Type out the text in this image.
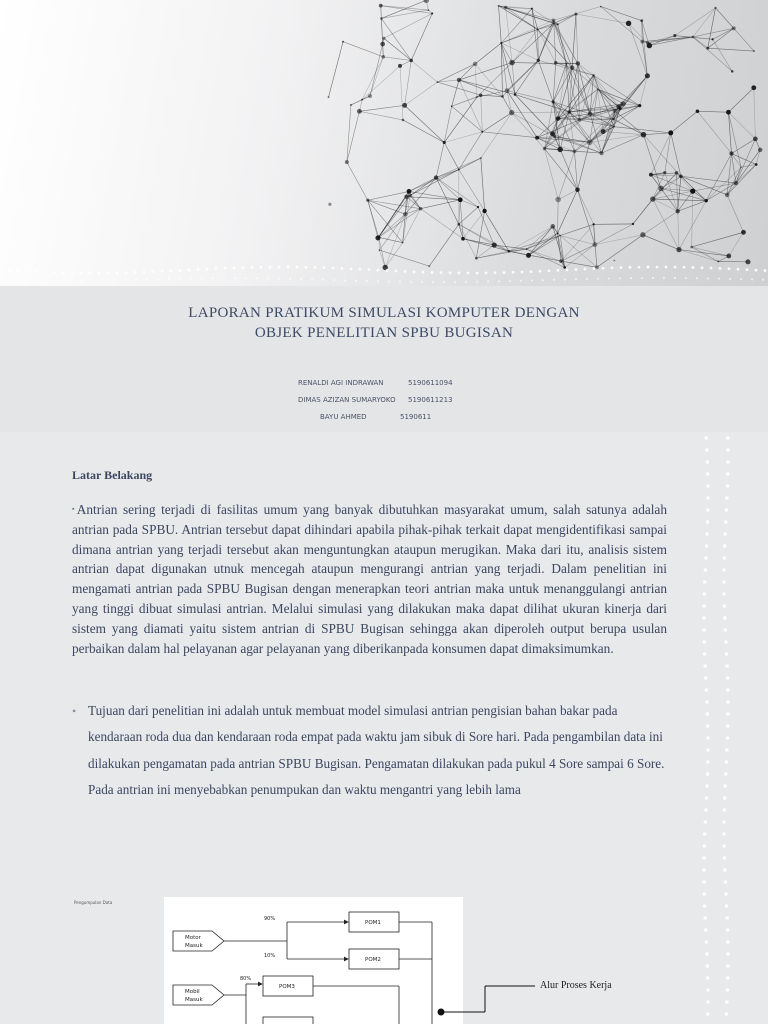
LAPORAN PRATIKUM SIMULASI KOMPUTER DENGAN
OBJEK PENELITIAN SPBU BUGISAN
RENALDI AGI INDRAWAN	5190611094
DIMAS AZIZAN SUMARYOKO 5190611213
BAYU AHMED	5190611
Latar Belakang
▪Antrian sering terjadi di fasilitas umum yang banyak dibutuhkan masyarakat umum, salah satunya adalah antrian pada SPBU. Antrian tersebut dapat dihindari apabila pihak-pihak terkait dapat mengidentifikasi sampai dimana antrian yang terjadi tersebut akan menguntungkan ataupun merugikan. Maka dari itu, analisis sistem antrian dapat digunakan utnuk mencegah ataupun mengurangi antrian yang terjadi. Dalam penelitian ini mengamati antrian pada SPBU Bugisan dengan menerapkan teori antrian maka untuk menanggulangi antrian yang tinggi dibuat simulasi antrian. Melalui simulasi yang dilakukan maka dapat dilihat ukuran kinerja dari sistem yang diamati yaitu sistem antrian di SPBU Bugisan sehingga akan diperoleh output berupa usulan perbaikan dalam hal pelayanan agar pelayanan yang diberikanpada konsumen dapat dimaksimumkan.
• Tujuan dari penelitian ini adalah untuk membuat model simulasi antrian pengisian bahan bakar pada kendaraan roda dua dan kendaraan roda empat pada waktu jam sibuk di Sore hari. Pada pengambilan data ini dilakukan pengamatan pada antrian SPBU Bugisan. Pengamatan dilakukan pada pukul 4 Sore sampai 6 Sore. Pada antrian ini menyebabkan penumpukan dan waktu mengantri yang lebih lama
Pengumpulan Data
Motor
Masuk
90%
10%
POM1
POM2
Mobil
Masuk
80%
POM3	Alur Proses Kerja
